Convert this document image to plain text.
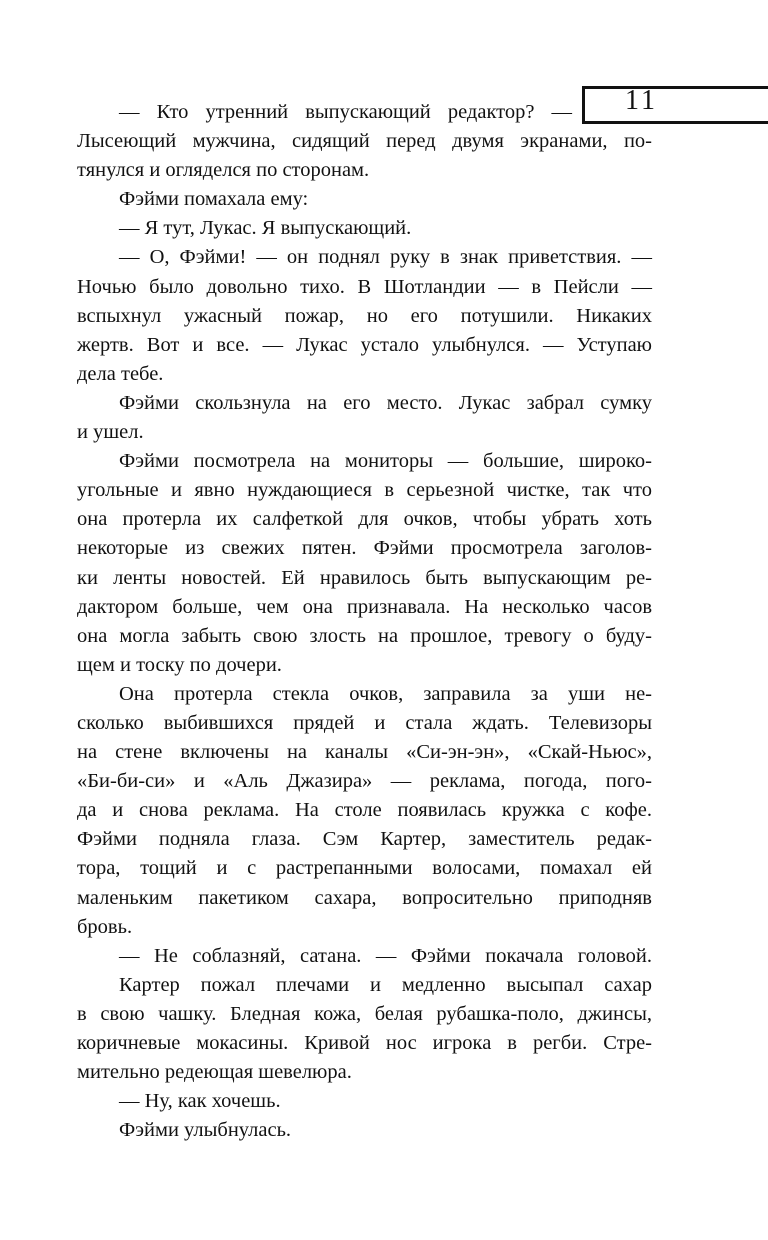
11
— Кто утренний выпускающий редактор? —
Лысеющий мужчина, сидящий перед двумя экранами, по-
тянулся и огляделся по сторонам.
Фэйми помахала ему:
— Я тут, Лукас. Я выпускающий.
— О, Фэйми! — он поднял руку в знак приветствия. —
Ночью было довольно тихо. В Шотландии — в Пейсли —
вспыхнул ужасный пожар, но его потушили. Никаких
жертв. Вот и все. — Лукас устало улыбнулся. — Уступаю
дела тебе.
Фэйми скользнула на его место. Лукас забрал сумку
и ушел.
Фэйми посмотрела на мониторы — большие, широко-
угольные и явно нуждающиеся в серьезной чистке, так что
она протерла их салфеткой для очков, чтобы убрать хоть
некоторые из свежих пятен. Фэйми просмотрела заголов-
ки ленты новостей. Ей нравилось быть выпускающим ре-
дактором больше, чем она признавала. На несколько часов
она могла забыть свою злость на прошлое, тревогу о буду-
щем и тоску по дочери.
Она протерла стекла очков, заправила за уши не-
сколько выбившихся прядей и стала ждать. Телевизоры
на стене включены на каналы «Си-эн-эн», «Скай-Ньюс»,
«Би-би-си» и «Аль Джазира» — реклама, погода, пого-
да и снова реклама. На столе появилась кружка с кофе.
Фэйми подняла глаза. Сэм Картер, заместитель редак-
тора, тощий и с растрепанными волосами, помахал ей
маленьким пакетиком сахара, вопросительно приподняв
бровь.
— Не соблазняй, сатана. — Фэйми покачала головой.
Картер пожал плечами и медленно высыпал сахар
в свою чашку. Бледная кожа, белая рубашка-поло, джинсы,
коричневые мокасины. Кривой нос игрока в регби. Стре-
мительно редеющая шевелюра.
— Ну, как хочешь.
Фэйми улыбнулась.
